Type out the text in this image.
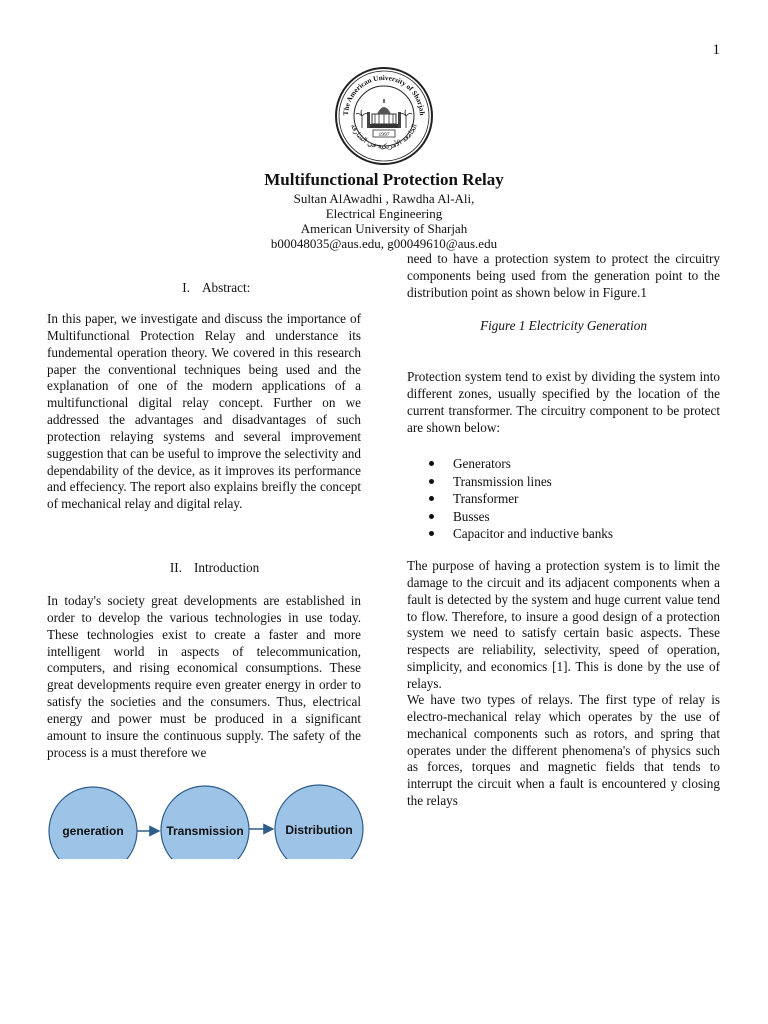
1
1997
The American University of Sharjah
الجامعة الأمريكية في الشارقة
Multifunctional Protection Relay
Sultan AlAwadhi , Rawdha Al-Ali,
Electrical Engineering
American University of Sharjah
b00048035@aus.edu, g00049610@aus.edu
I. Abstract:

In this paper, we investigate and discuss the importance of Multifunctional Protection Relay and understance its fundemental operation theory. We covered in this research paper the conventional techniques being used and the explanation of one of the modern applications of a multifunctional digital relay concept. Further on we addressed the advantages and disadvantages of such protection relaying systems and several improvement suggestion that can be useful to improve the selectivity and dependability of the device, as it improves its performance and effeciency. The report also explains breifly the concept of mechanical relay and digital relay.

II. Introduction

In today's society great developments are established in order to develop the various technologies in use today. These technologies exist to create a faster and more intelligent world in aspects of telecommunication, computers, and rising economical consumptions. These great developments require even greater energy in order to satisfy the societies and the consumers. Thus, electrical energy and power must be produced in a significant amount to insure the continuous supply. The safety of the process is a must therefore we

generation	Transmission	Distribution

need to have a protection system to protect the circuitry components being used from the generation point to the distribution point as shown below in Figure.1

Figure 1 Electricity Generation

Protection system tend to exist by dividing the system into different zones, usually specified by the location of the current transformer. The circuitry component to be protect are shown below:

Generators
Transmission lines
Transformer
Busses
Capacitor and inductive banks

The purpose of having a protection system is to limit the damage to the circuit and its adjacent components when a fault is detected by the system and huge current value tend to flow. Therefore, to insure a good design of a protection system we need to satisfy certain basic aspects. These respects are reliability, selectivity, speed of operation, simplicity, and economics [1]. This is done by the use of relays.

We have two types of relays. The first type of relay is electro-mechanical relay which operates by the use of mechanical components such as rotors, and spring that operates under the different phenomena's of physics such as forces, torques and magnetic fields that tends to interrupt the circuit when a fault is encountered y closing the relays
